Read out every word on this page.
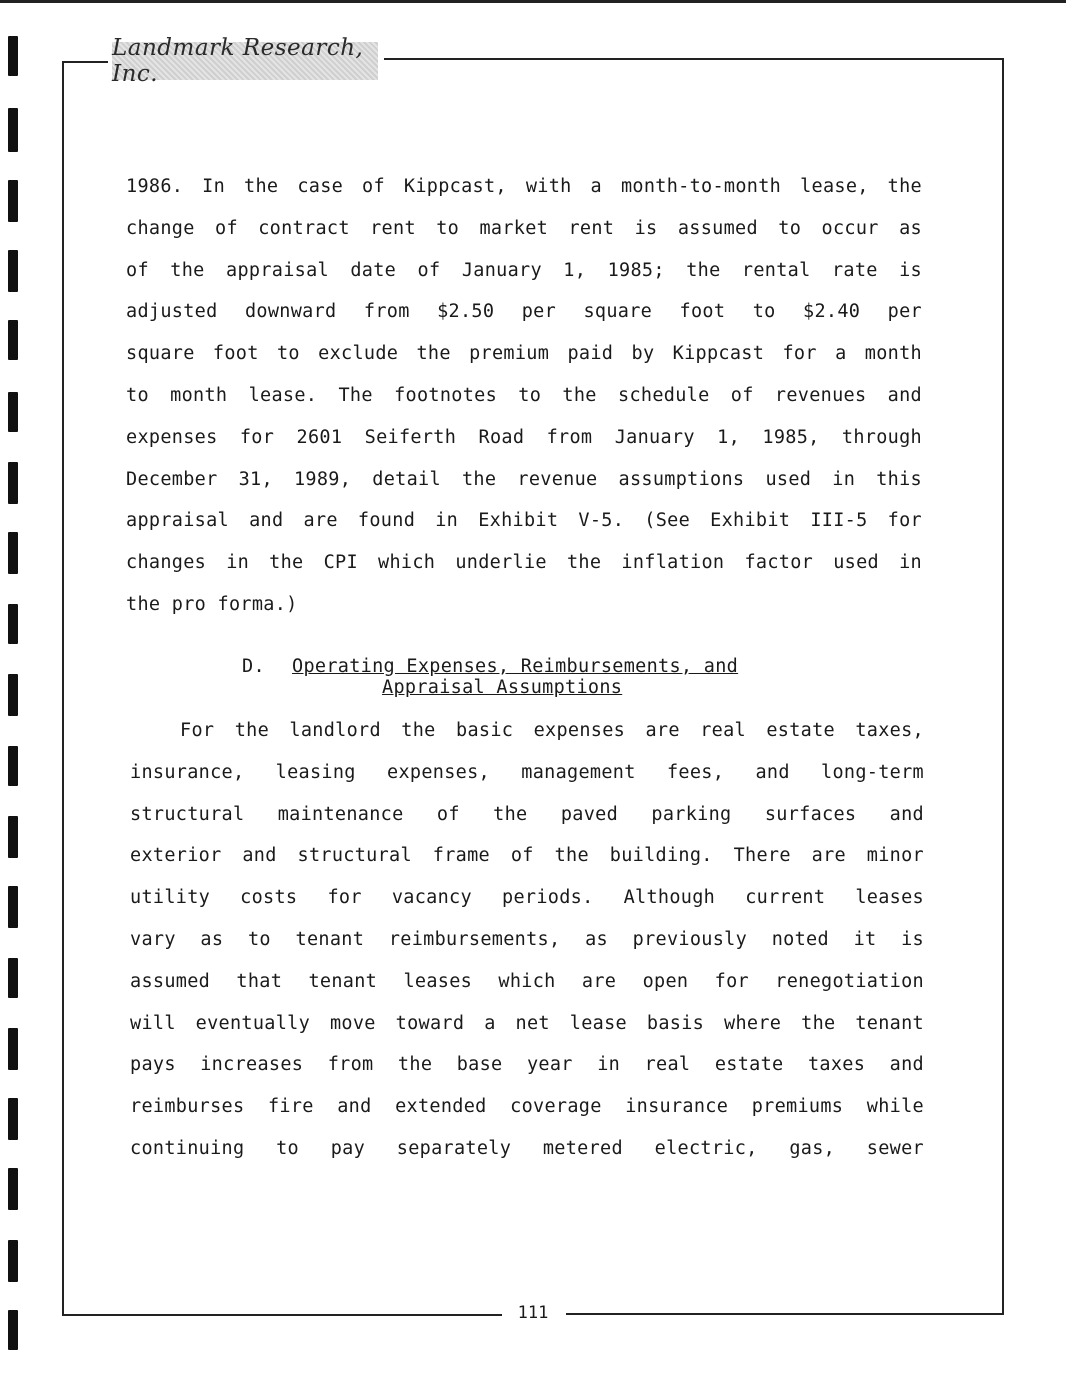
Landmark Research, Inc.
1986. In the case of Kippcast, with a month-to-month lease, the
change of contract rent to market rent is assumed to occur as
of the appraisal date of January 1, 1985; the rental rate is
adjusted downward from $2.50 per square foot to $2.40 per
square foot to exclude the premium paid by Kippcast for a month
to month lease. The footnotes to the schedule of revenues and
expenses for 2601 Seiferth Road from January 1, 1985, through
December 31, 1989, detail the revenue assumptions used in this
appraisal and are found in Exhibit V-5. (See Exhibit III-5 for
changes in the CPI which underlie the inflation factor used in
the pro forma.)
D. Operating Expenses, Reimbursements, and
Appraisal Assumptions
For the landlord the basic expenses are real estate taxes,
insurance, leasing expenses, management fees, and long-term
structural maintenance of the paved parking surfaces and
exterior and structural frame of the building. There are minor
utility costs for vacancy periods. Although current leases
vary as to tenant reimbursements, as previously noted it is
assumed that tenant leases which are open for renegotiation
will eventually move toward a net lease basis where the tenant
pays increases from the base year in real estate taxes and
reimburses fire and extended coverage insurance premiums while
continuing to pay separately metered electric, gas, sewer
111
